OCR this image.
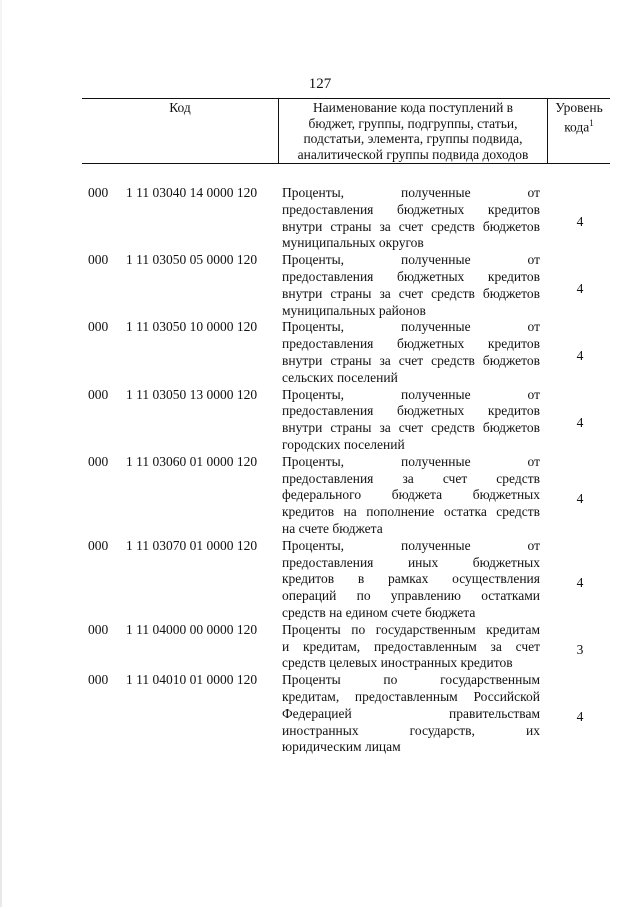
127
Код	Наименование кода поступлений в
бюджет, группы, подгруппы, статьи,
подстатьи, элемента, группы подвида,
аналитической группы подвида доходов
Уровень
кода$^1$
000 1 11 03040 14 0000 120 Проценты, полученные от
предоставления бюджетных кредитов
внутри страны за счет средств бюджетов
муниципальных округов
4
000 1 11 03050 05 0000 120 Проценты, полученные от
предоставления бюджетных кредитов
внутри страны за счет средств бюджетов
муниципальных районов
4
000 1 11 03050 10 0000 120 Проценты, полученные от
предоставления бюджетных кредитов
внутри страны за счет средств бюджетов
сельских поселений
4
000 1 11 03050 13 0000 120 Проценты, полученные от
предоставления бюджетных кредитов
внутри страны за счет средств бюджетов
городских поселений
4
000 1 11 03060 01 0000 120 Проценты, полученные от
предоставления за счет средств
федерального бюджета бюджетных
кредитов на пополнение остатка средств
на счете бюджета
4
000 1 11 03070 01 0000 120 Проценты, полученные от
предоставления иных бюджетных
кредитов в рамках осуществления
операций по управлению остатками
средств на едином счете бюджета
4
000 1 11 04000 00 0000 120 Проценты по государственным кредитам
и кредитам, предоставленным за счет
средств целевых иностранных кредитов
3
000 1 11 04010 01 0000 120 Проценты по государственным
кредитам, предоставленным Российской
Федерацией правительствам
иностранных государств, их
юридическим лицам
4
